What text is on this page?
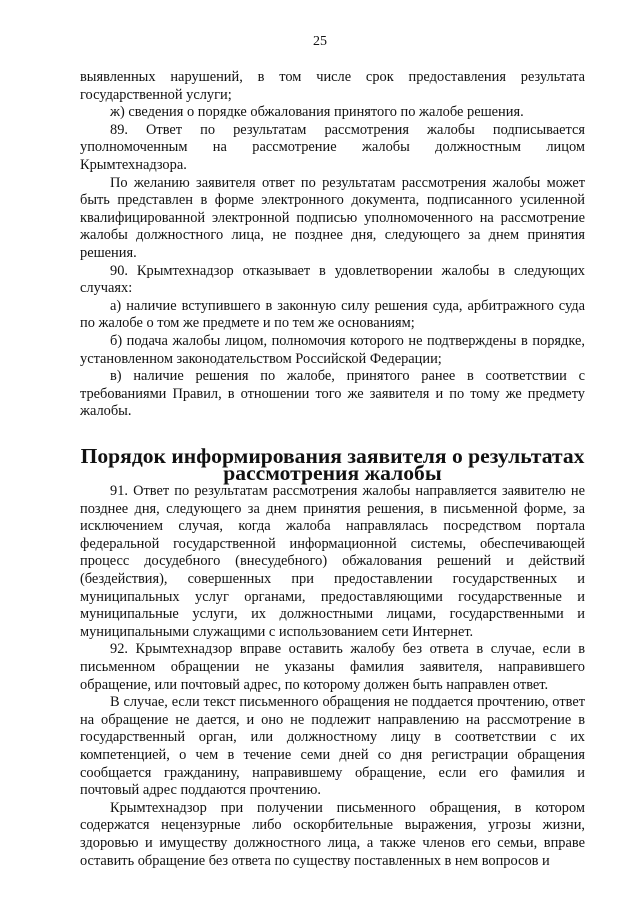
25

выявленных нарушений, в том числе срок предоставления результата государственной услуги;

ж) сведения о порядке обжалования принятого по жалобе решения.

89. Ответ по результатам рассмотрения жалобы подписывается уполномоченным на рассмотрение жалобы должностным лицом Крымтехнадзора.

По желанию заявителя ответ по результатам рассмотрения жалобы может быть представлен в форме электронного документа, подписанного усиленной квалифицированной электронной подписью уполномоченного на рассмотрение жалобы должностного лица, не позднее дня, следующего за днем принятия решения.

90. Крымтехнадзор отказывает в удовлетворении жалобы в следующих случаях:

а) наличие вступившего в законную силу решения суда, арбитражного суда по жалобе о том же предмете и по тем же основаниям;

б) подача жалобы лицом, полномочия которого не подтверждены в порядке, установленном законодательством Российской Федерации;

в) наличие решения по жалобе, принятого ранее в соответствии с требованиями Правил, в отношении того же заявителя и по тому же предмету жалобы.

Порядок информирования заявителя о результатах
рассмотрения жалобы

91. Ответ по результатам рассмотрения жалобы направляется заявителю не позднее дня, следующего за днем принятия решения, в письменной форме, за исключением случая, когда жалоба направлялась посредством портала федеральной государственной информационной системы, обеспечивающей процесс досудебного (внесудебного) обжалования решений и действий (бездействия), совершенных при предоставлении государственных и муниципальных услуг органами, предоставляющими государственные и муниципальные услуги, их должностными лицами, государственными и муниципальными служащими с использованием сети Интернет.

92. Крымтехнадзор вправе оставить жалобу без ответа в случае, если в письменном обращении не указаны фамилия заявителя, направившего обращение, или почтовый адрес, по которому должен быть направлен ответ.

В случае, если текст письменного обращения не поддается прочтению, ответ на обращение не дается, и оно не подлежит направлению на рассмотрение в государственный орган, или должностному лицу в соответствии с их компетенцией, о чем в течение семи дней со дня регистрации обращения сообщается гражданину, направившему обращение, если его фамилия и почтовый адрес поддаются прочтению.

Крымтехнадзор при получении письменного обращения, в котором содержатся нецензурные либо оскорбительные выражения, угрозы жизни, здоровью и имуществу должностного лица, а также членов его семьи, вправе оставить обращение без ответа по существу поставленных в нем вопросов и
